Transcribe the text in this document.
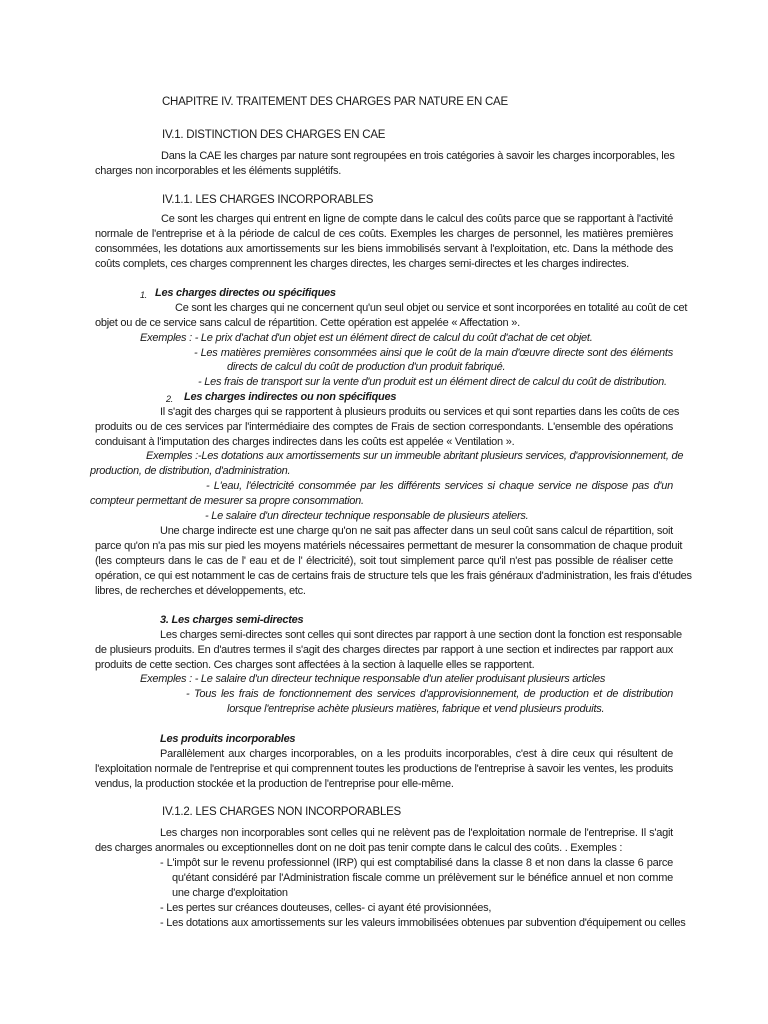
CHAPITRE IV. TRAITEMENT DES CHARGES PAR NATURE EN CAE
IV.1. DISTINCTION DES CHARGES EN CAE
Dans la CAE les charges par nature sont regroupées en trois catégories à savoir les charges incorporables, les
charges non incorporables et les éléments supplétifs.
IV.1.1. LES CHARGES INCORPORABLES
Ce sont les charges qui entrent en ligne de compte dans le calcul des coûts parce que se rapportant à l'activité
normale de l'entreprise et à la période de calcul de ces coûts. Exemples les charges de personnel, les matières premières
consommées, les dotations aux amortissements sur les biens immobilisés servant à l'exploitation, etc. Dans la méthode des
coûts complets, ces charges comprennent les charges directes, les charges semi-directes et les charges indirectes.
1. Les charges directes ou spécifiques
Ce sont les charges qui ne concernent qu'un seul objet ou service et sont incorporées en totalité au coût de cet
objet ou de ce service sans calcul de répartition. Cette opération est appelée « Affectation ».
Exemples : - Le prix d'achat d'un objet est un élément direct de calcul du coût d'achat de cet objet.
- Les matières premières consommées ainsi que le coût de la main d'œuvre directe sont des éléments
directs de calcul du coût de production d'un produit fabriqué.
- Les frais de transport sur la vente d'un produit est un élément direct de calcul du coût de distribution.
2. Les charges indirectes ou non spécifiques
Il s'agit des charges qui se rapportent à plusieurs produits ou services et qui sont reparties dans les coûts de ces
produits ou de ces services par l'intermédiaire des comptes de Frais de section correspondants. L'ensemble des opérations
conduisant à l'imputation des charges indirectes dans les coûts est appelée « Ventilation ».
Exemples :-Les dotations aux amortissements sur un immeuble abritant plusieurs services, d'approvisionnement, de
production, de distribution, d'administration.
- L'eau, l'électricité consommée par les différents services si chaque service ne dispose pas d'un
compteur permettant de mesurer sa propre consommation.
- Le salaire d'un directeur technique responsable de plusieurs ateliers.
Une charge indirecte est une charge qu'on ne sait pas affecter dans un seul coût sans calcul de répartition, soit
parce qu'on n'a pas mis sur pied les moyens matériels nécessaires permettant de mesurer la consommation de chaque produit
(les compteurs dans le cas de l' eau et de l' électricité), soit tout simplement parce qu'il n'est pas possible de réaliser cette
opération, ce qui est notamment le cas de certains frais de structure tels que les frais généraux d'administration, les frais d'études
libres, de recherches et développements, etc.
3. Les charges semi-directes
Les charges semi-directes sont celles qui sont directes par rapport à une section dont la fonction est responsable
de plusieurs produits. En d'autres termes il s'agit des charges directes par rapport à une section et indirectes par rapport aux
produits de cette section. Ces charges sont affectées à la section à laquelle elles se rapportent.
Exemples : - Le salaire d'un directeur technique responsable d'un atelier produisant plusieurs articles
- Tous les frais de fonctionnement des services d'approvisionnement, de production et de distribution
lorsque l'entreprise achète plusieurs matières, fabrique et vend plusieurs produits.
Les produits incorporables
Parallèlement aux charges incorporables, on a les produits incorporables, c'est à dire ceux qui résultent de
l'exploitation normale de l'entreprise et qui comprennent toutes les productions de l'entreprise à savoir les ventes, les produits
vendus, la production stockée et la production de l'entreprise pour elle-même.
IV.1.2. LES CHARGES NON INCORPORABLES
Les charges non incorporables sont celles qui ne relèvent pas de l'exploitation normale de l'entreprise. Il s'agit
des charges anormales ou exceptionnelles dont on ne doit pas tenir compte dans le calcul des coûts. . Exemples :
- L'impôt sur le revenu professionnel (IRP) qui est comptabilisé dans la classe 8 et non dans la classe 6 parce
qu'étant considéré par l'Administration fiscale comme un prélèvement sur le bénéfice annuel et non comme
une charge d'exploitation
- Les pertes sur créances douteuses, celles- ci ayant été provisionnées,
- Les dotations aux amortissements sur les valeurs immobilisées obtenues par subvention d'équipement ou celles
